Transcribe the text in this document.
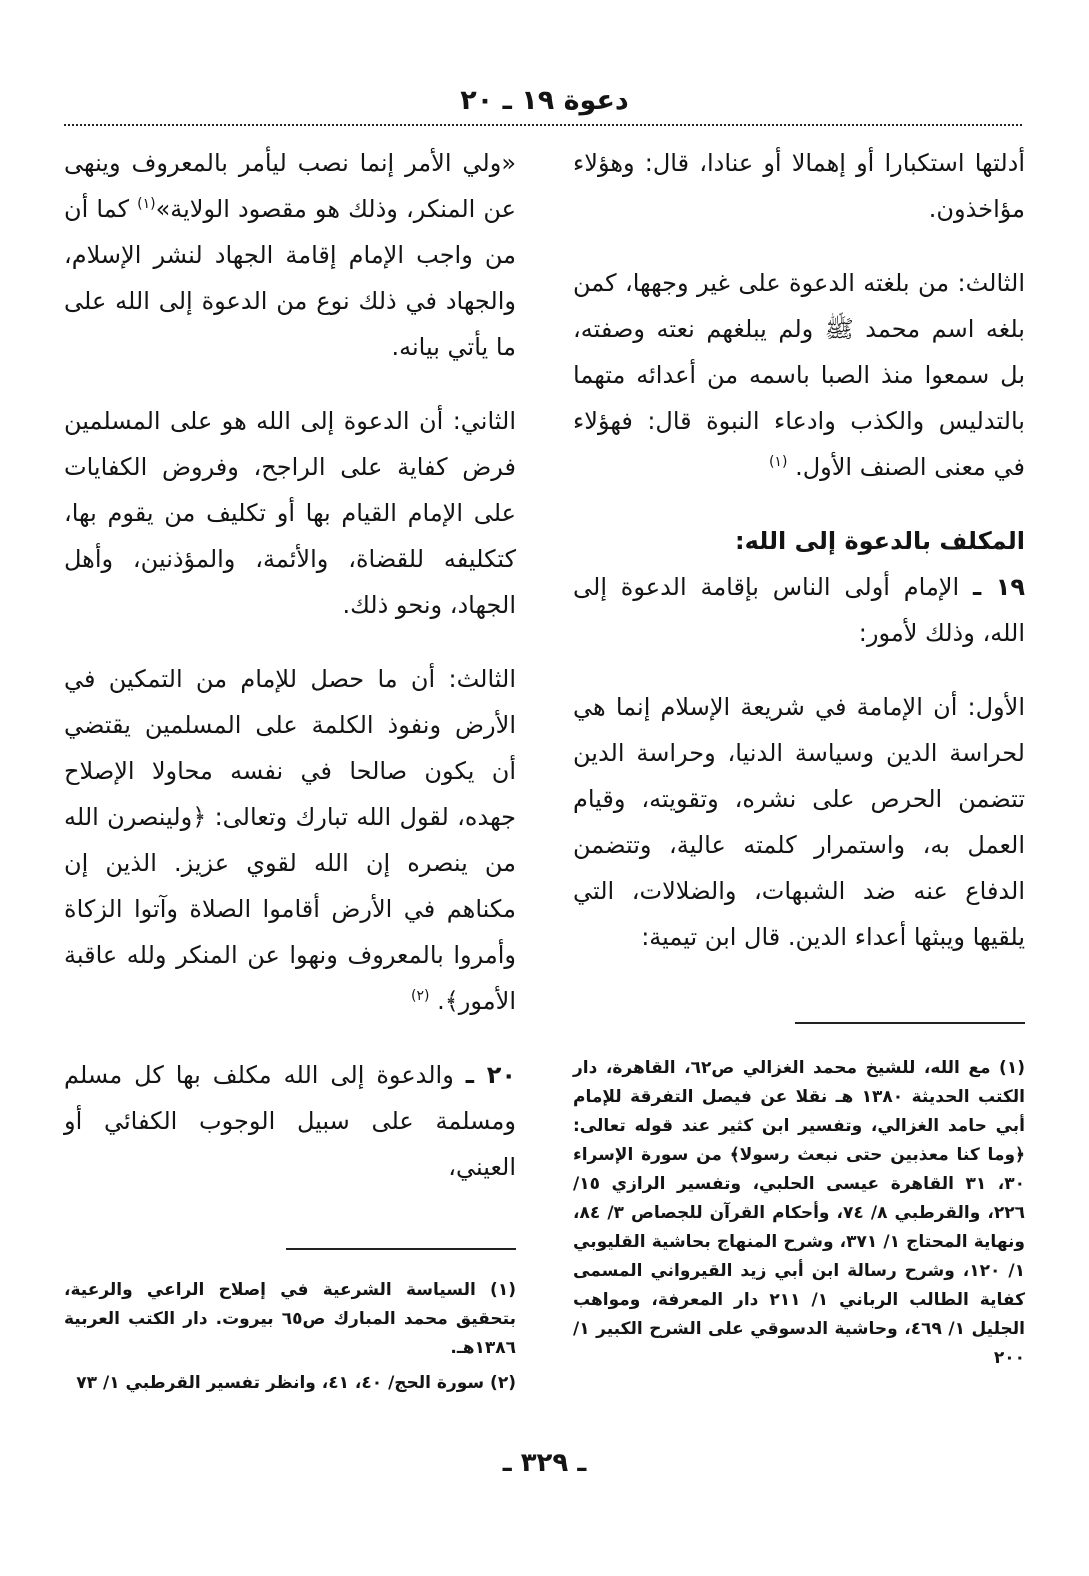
دعوة ١٩ ـ ٢٠

أدلتها استكبارا أو إهمالا أو عنادا، قال: وهؤلاء مؤاخذون.

الثالث: من بلغته الدعوة على غير وجهها، كمن بلغه اسم محمد ﷺ ولم يبلغهم نعته وصفته، بل سمعوا منذ الصبا باسمه من أعدائه متهما بالتدليس والكذب وادعاء النبوة قال: فهؤلاء في معنى الصنف الأول. $^{(١)}$

المكلف بالدعوة إلى الله:

١٩ ـ الإمام أولى الناس بإقامة الدعوة إلى الله، وذلك لأمور:

الأول: أن الإمامة في شريعة الإسلام إنما هي لحراسة الدين وسياسة الدنيا، وحراسة الدين تتضمن الحرص على نشره، وتقويته، وقيام العمل به، واستمرار كلمته عالية، وتتضمن الدفاع عنه ضد الشبهات، والضلالات، التي يلقيها ويبثها أعداء الدين. قال ابن تيمية:

«ولي الأمر إنما نصب ليأمر بالمعروف وينهى عن المنكر، وذلك هو مقصود الولاية»$^{(١)}$ كما أن من واجب الإمام إقامة الجهاد لنشر الإسلام، والجهاد في ذلك نوع من الدعوة إلى الله على ما يأتي بيانه.

الثاني: أن الدعوة إلى الله هو على المسلمين فرض كفاية على الراجح، وفروض الكفايات على الإمام القيام بها أو تكليف من يقوم بها، كتكليفه للقضاة، والأئمة، والمؤذنين، وأهل الجهاد، ونحو ذلك.

الثالث: أن ما حصل للإمام من التمكين في الأرض ونفوذ الكلمة على المسلمين يقتضي أن يكون صالحا في نفسه محاولا الإصلاح جهده، لقول الله تبارك وتعالى: ﴿ولينصرن الله من ينصره إن الله لقوي عزيز. الذين إن مكناهم في الأرض أقاموا الصلاة وآتوا الزكاة وأمروا بالمعروف ونهوا عن المنكر ولله عاقبة الأمور﴾. $^{(٢)}$

٢٠ ـ والدعوة إلى الله مكلف بها كل مسلم ومسلمة على سبيل الوجوب الكفائي أو العيني،

(١) مع الله، للشيخ محمد الغزالي ص٦٢، القاهرة، دار الكتب الحديثة ١٣٨٠ هـ نقلا عن فيصل التفرقة للإمام أبي حامد الغزالي، وتفسير ابن كثير عند قوله تعالى: ﴿وما كنا معذبين حتى نبعث رسولا﴾ من سورة الإسراء ٣٠، ٣١ القاهرة عيسى الحلبي، وتفسير الرازي ١٥/ ٢٢٦، والقرطبي ٨/ ٧٤، وأحكام القرآن للجصاص ٣/ ٨٤، ونهاية المحتاج ١/ ٣٧١، وشرح المنهاج بحاشية القليوبي ١/ ١٢٠، وشرح رسالة ابن أبي زيد القيرواني المسمى كفاية الطالب الرباني ١/ ٢١١ دار المعرفة، ومواهب الجليل ١/ ٤٦٩، وحاشية الدسوقي على الشرح الكبير ١/ ٢٠٠

(١) السياسة الشرعية في إصلاح الراعي والرعية، بتحقيق محمد المبارك ص٦٥ بيروت. دار الكتب العربية ١٣٨٦هـ.

(٢) سورة الحج/ ٤٠، ٤١، وانظر تفسير القرطبي ١/ ٧٣

ـ ٣٢٩ ـ
